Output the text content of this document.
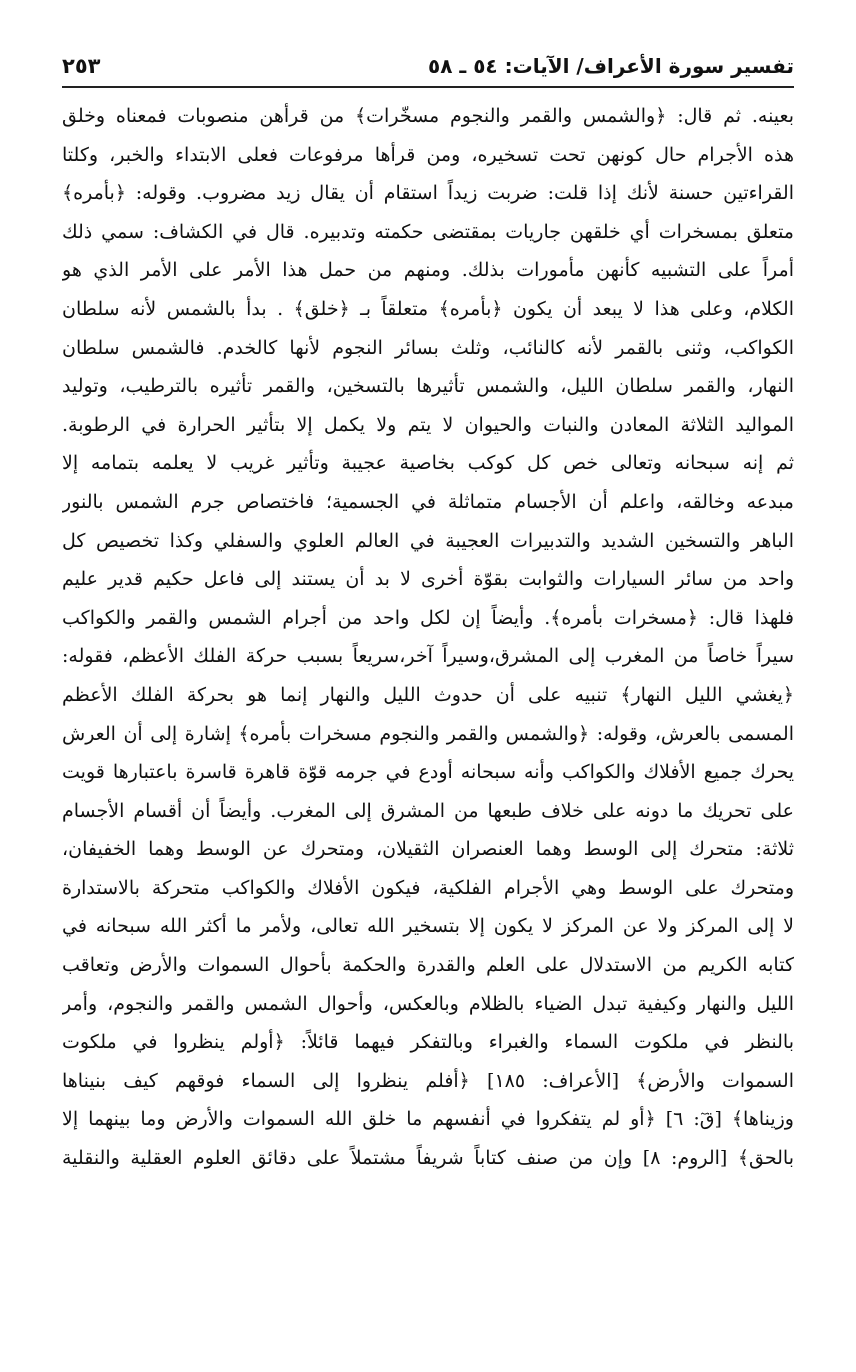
تفسير سورة الأعراف/ الآيات: ٥٤ ـ ٥٨
٢٥٣
بعينه. ثم قال: ﴿والشمس والقمر والنجوم مسخّرات﴾ من قرأهن منصوبات فمعناه وخلق
هذه الأجرام حال كونهن تحت تسخيره، ومن قرأها مرفوعات فعلى الابتداء والخبر، وكلتا
القراءتين حسنة لأنك إذا قلت: ضربت زيداً استقام أن يقال زيد مضروب. وقوله: ﴿بأمره﴾
متعلق بمسخرات أي خلقهن جاريات بمقتضى حكمته وتدبيره. قال في الكشاف: سمي ذلك
أمراً على التشبيه كأنهن مأمورات بذلك. ومنهم من حمل هذا الأمر على الأمر الذي هو
الكلام، وعلى هذا لا يبعد أن يكون ﴿بأمره﴾ متعلقاً بـ ﴿خلق﴾ . بدأ بالشمس لأنه سلطان
الكواكب، وثنى بالقمر لأنه كالنائب، وثلث بسائر النجوم لأنها كالخدم. فالشمس سلطان
النهار، والقمر سلطان الليل، والشمس تأثيرها بالتسخين، والقمر تأثيره بالترطيب، وتوليد
المواليد الثلاثة المعادن والنبات والحيوان لا يتم ولا يكمل إلا بتأثير الحرارة في الرطوبة.
ثم إنه سبحانه وتعالى خص كل كوكب بخاصية عجيبة وتأثير غريب لا يعلمه بتمامه إلا
مبدعه وخالقه، واعلم أن الأجسام متماثلة في الجسمية؛ فاختصاص جرم الشمس بالنور
الباهر والتسخين الشديد والتدبيرات العجيبة في العالم العلوي والسفلي وكذا تخصيص كل
واحد من سائر السيارات والثوابت بقوّة أخرى لا بد أن يستند إلى فاعل حكيم قدير عليم
فلهذا قال: ﴿مسخرات بأمره﴾. وأيضاً إن لكل واحد من أجرام الشمس والقمر والكواكب
سيراً خاصاً من المغرب إلى المشرق،وسيراً آخر،سريعاً بسبب حركة الفلك الأعظم، فقوله:
﴿يغشي الليل النهار﴾ تنبيه على أن حدوث الليل والنهار إنما هو بحركة الفلك الأعظم
المسمى بالعرش، وقوله: ﴿والشمس والقمر والنجوم مسخرات بأمره﴾ إشارة إلى أن العرش
يحرك جميع الأفلاك والكواكب وأنه سبحانه أودع في جرمه قوّة قاهرة قاسرة باعتبارها قويت
على تحريك ما دونه على خلاف طبعها من المشرق إلى المغرب. وأيضاً أن أقسام الأجسام
ثلاثة: متحرك إلى الوسط وهما العنصران الثقيلان، ومتحرك عن الوسط وهما الخفيفان،
ومتحرك على الوسط وهي الأجرام الفلكية، فيكون الأفلاك والكواكب متحركة بالاستدارة
لا إلى المركز ولا عن المركز لا يكون إلا بتسخير الله تعالى، ولأمر ما أكثر الله سبحانه في
كتابه الكريم من الاستدلال على العلم والقدرة والحكمة بأحوال السموات والأرض وتعاقب
الليل والنهار وكيفية تبدل الضياء بالظلام وبالعكس، وأحوال الشمس والقمر والنجوم، وأمر
بالنظر في ملكوت السماء والغبراء وبالتفكر فيهما قائلاً: ﴿أولم ينظروا في ملكوت
السموات والأرض﴾ [الأعراف: ١٨٥] ﴿أفلم ينظروا إلى السماء فوقهم كيف بنيناها
وزيناها﴾ [قٓ: ٦] ﴿أو لم يتفكروا في أنفسهم ما خلق الله السموات والأرض وما بينهما إلا
بالحق﴾ [الروم: ٨] وإن من صنف كتاباً شريفاً مشتملاً على دقائق العلوم العقلية والنقلية
